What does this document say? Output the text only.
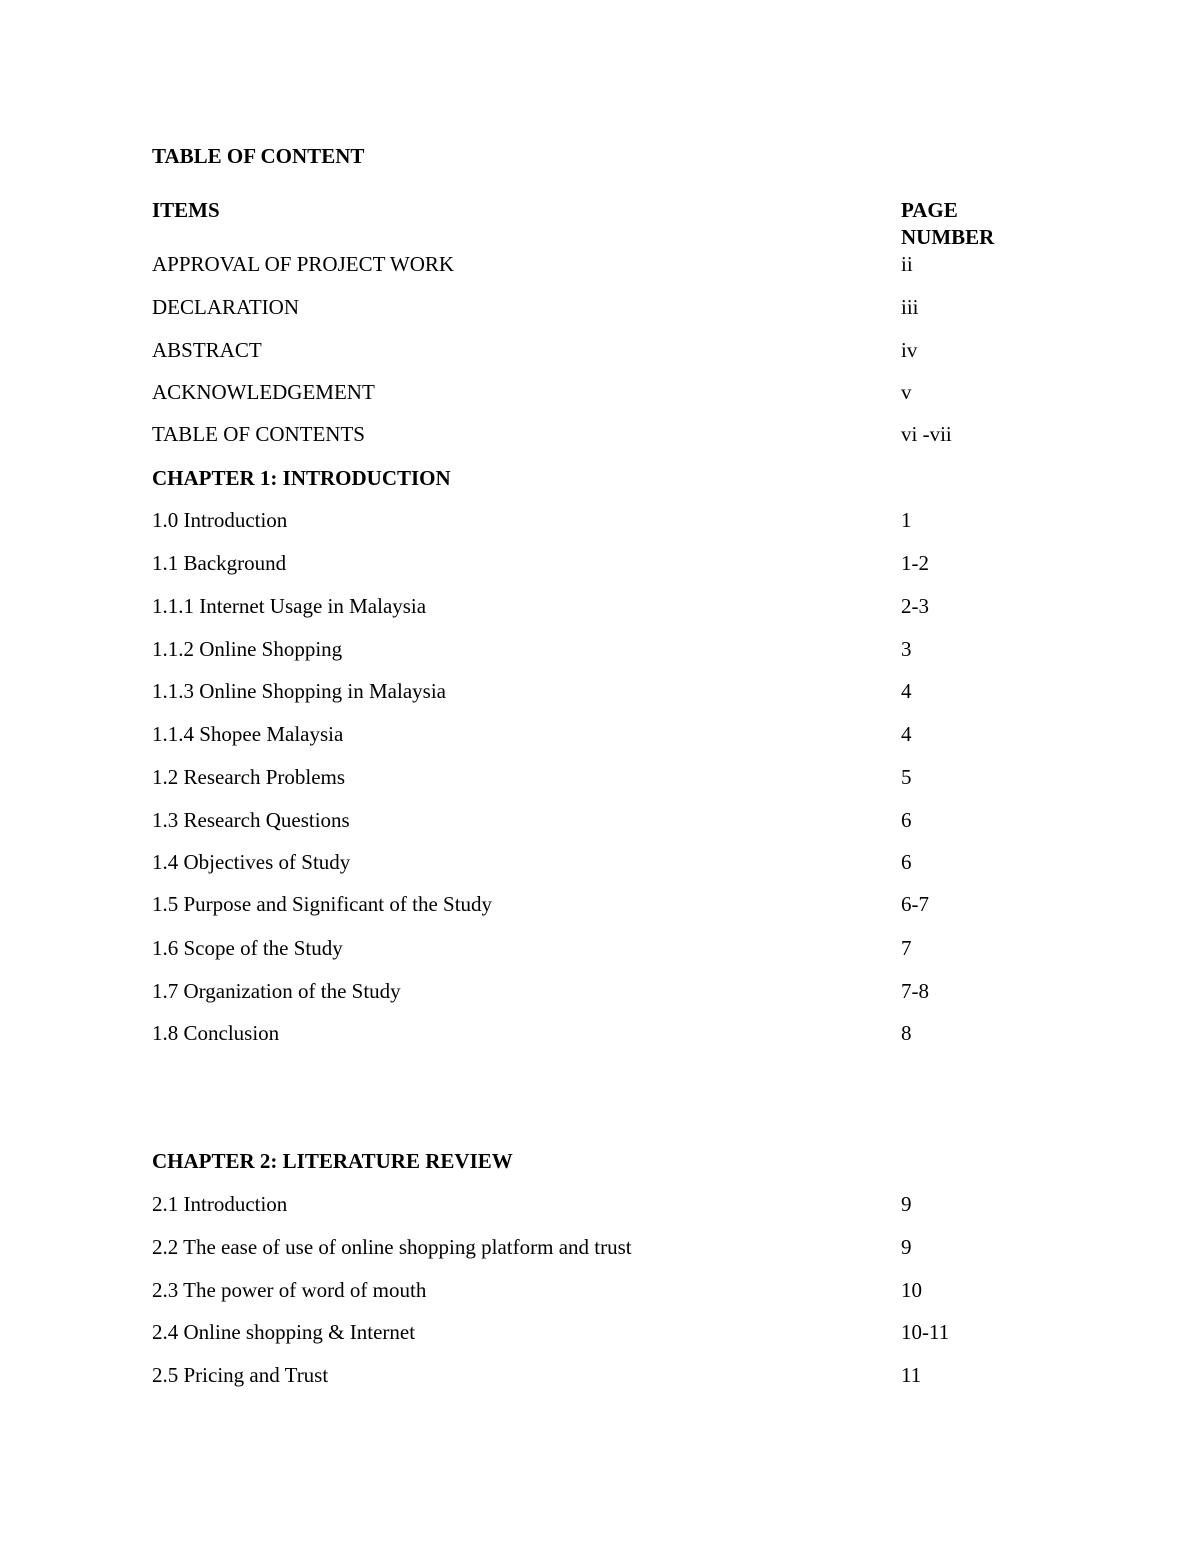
TABLE OF CONTENT
ITEMS	PAGE
NUMBER
APPROVAL OF PROJECT WORK	ii
DECLARATION	iii
ABSTRACT	iv
ACKNOWLEDGEMENT	v
TABLE OF CONTENTS	vi -vii
CHAPTER 1: INTRODUCTION
1.0 Introduction	1
1.1 Background	1-2
1.1.1 Internet Usage in Malaysia	2-3
1.1.2 Online Shopping	3
1.1.3 Online Shopping in Malaysia	4
1.1.4 Shopee Malaysia	4
1.2 Research Problems	5
1.3 Research Questions	6
1.4 Objectives of Study	6
1.5 Purpose and Significant of the Study	6-7
1.6 Scope of the Study	7
1.7 Organization of the Study	7-8
1.8 Conclusion	8
CHAPTER 2: LITERATURE REVIEW
2.1 Introduction	9
2.2 The ease of use of online shopping platform and trust	9
2.3 The power of word of mouth	10
2.4 Online shopping & Internet	10-11
2.5 Pricing and Trust	11
